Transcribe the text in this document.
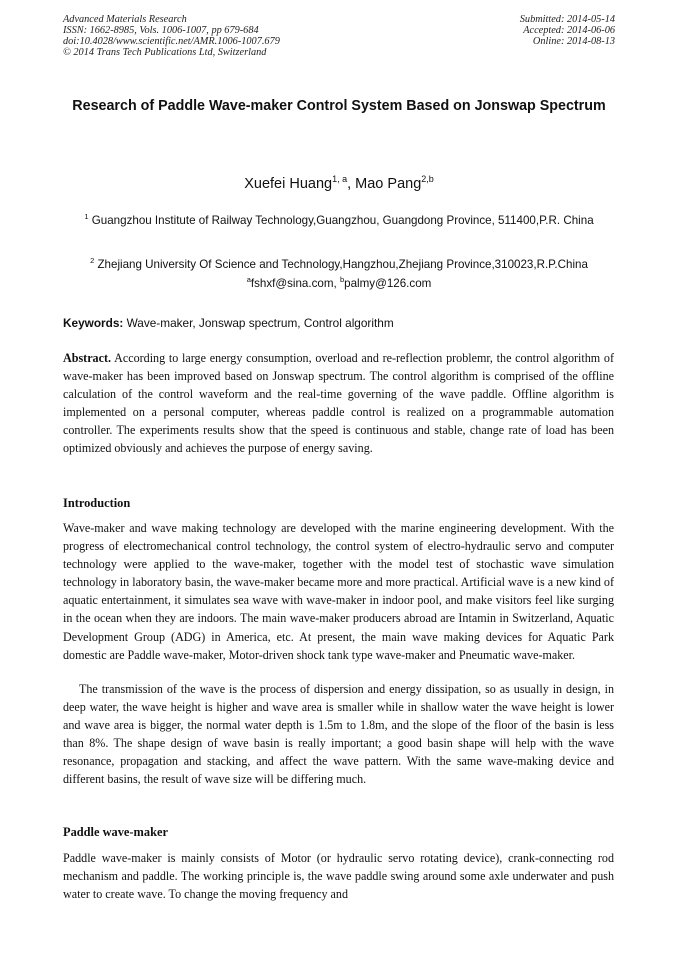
Advanced Materials Research
ISSN: 1662-8985, Vols. 1006-1007, pp 679-684
doi:10.4028/www.scientific.net/AMR.1006-1007.679
© 2014 Trans Tech Publications Ltd, Switzerland
Submitted: 2014-05-14
Accepted: 2014-06-06
Online: 2014-08-13
Research of Paddle Wave-maker Control System Based on Jonswap Spectrum
Xuefei Huang$^{1, a}$, Mao Pang$^{2,b}$
$^1$ Guangzhou Institute of Railway Technology,Guangzhou, Guangdong Province, 511400,P.R. China
$^2$ Zhejiang University Of Science and Technology,Hangzhou,Zhejiang Province,310023,R.P.China
$^a$fshxf@sina.com, $^b$palmy@126.com
Keywords: Wave-maker, Jonswap spectrum, Control algorithm
Abstract. According to large energy consumption, overload and re-reflection problemr, the control algorithm of wave-maker has been improved based on Jonswap spectrum. The control algorithm is comprised of the offline calculation of the control waveform and the real-time governing of the wave paddle. Offline algorithm is implemented on a personal computer, whereas paddle control is realized on a programmable automation controller. The experiments results show that the speed is continuous and stable, change rate of load has been optimized obviously and achieves the purpose of energy saving.
Introduction
Wave-maker and wave making technology are developed with the marine engineering development. With the progress of electromechanical control technology, the control system of electro-hydraulic servo and computer technology were applied to the wave-maker, together with the model test of stochastic wave simulation technology in laboratory basin, the wave-maker became more and more practical. Artificial wave is a new kind of aquatic entertainment, it simulates sea wave with wave-maker in indoor pool, and make visitors feel like surging in the ocean when they are indoors. The main wave-maker producers abroad are Intamin in Switzerland, Aquatic Development Group (ADG) in America, etc. At present, the main wave making devices for Aquatic Park domestic are Paddle wave-maker, Motor-driven shock tank type wave-maker and Pneumatic wave-maker.
The transmission of the wave is the process of dispersion and energy dissipation, so as usually in design, in deep water, the wave height is higher and wave area is smaller while in shallow water the wave height is lower and wave area is bigger, the normal water depth is 1.5m to 1.8m, and the slope of the floor of the basin is less than 8%. The shape design of wave basin is really important; a good basin shape will help with the wave resonance, propagation and stacking, and affect the wave pattern. With the same wave-making device and different basins, the result of wave size will be differing much.
Paddle wave-maker
Paddle wave-maker is mainly consists of Motor (or hydraulic servo rotating device), crank-connecting rod mechanism and paddle. The working principle is, the wave paddle swing around some axle underwater and push water to create wave. To change the moving frequency and
